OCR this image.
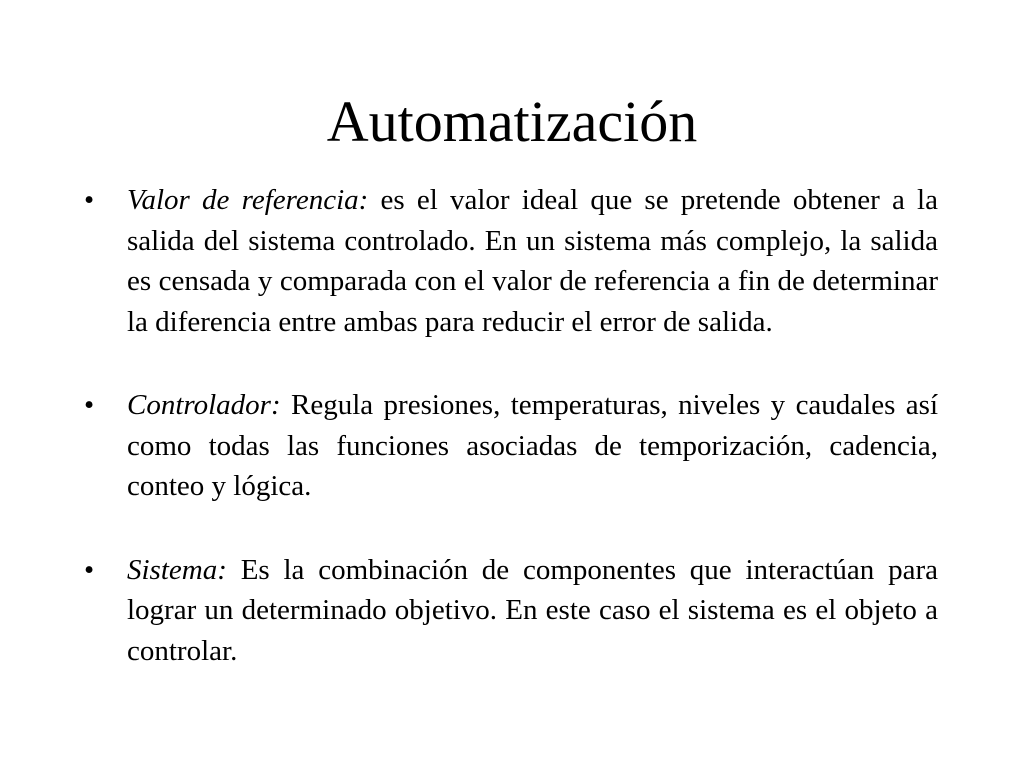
Automatización
• Valor de referencia: es el valor ideal que se pretende obtener a la salida del sistema controlado. En un sistema más complejo, la salida es censada y comparada con el valor de referencia a fin de determinar la diferencia entre ambas para reducir el error de salida.
• Controlador: Regula presiones, temperaturas, niveles y caudales así como todas las funciones asociadas de temporización, cadencia, conteo y lógica.
• Sistema: Es la combinación de componentes que interactúan para lograr un determinado objetivo. En este caso el sistema es el objeto a controlar.
